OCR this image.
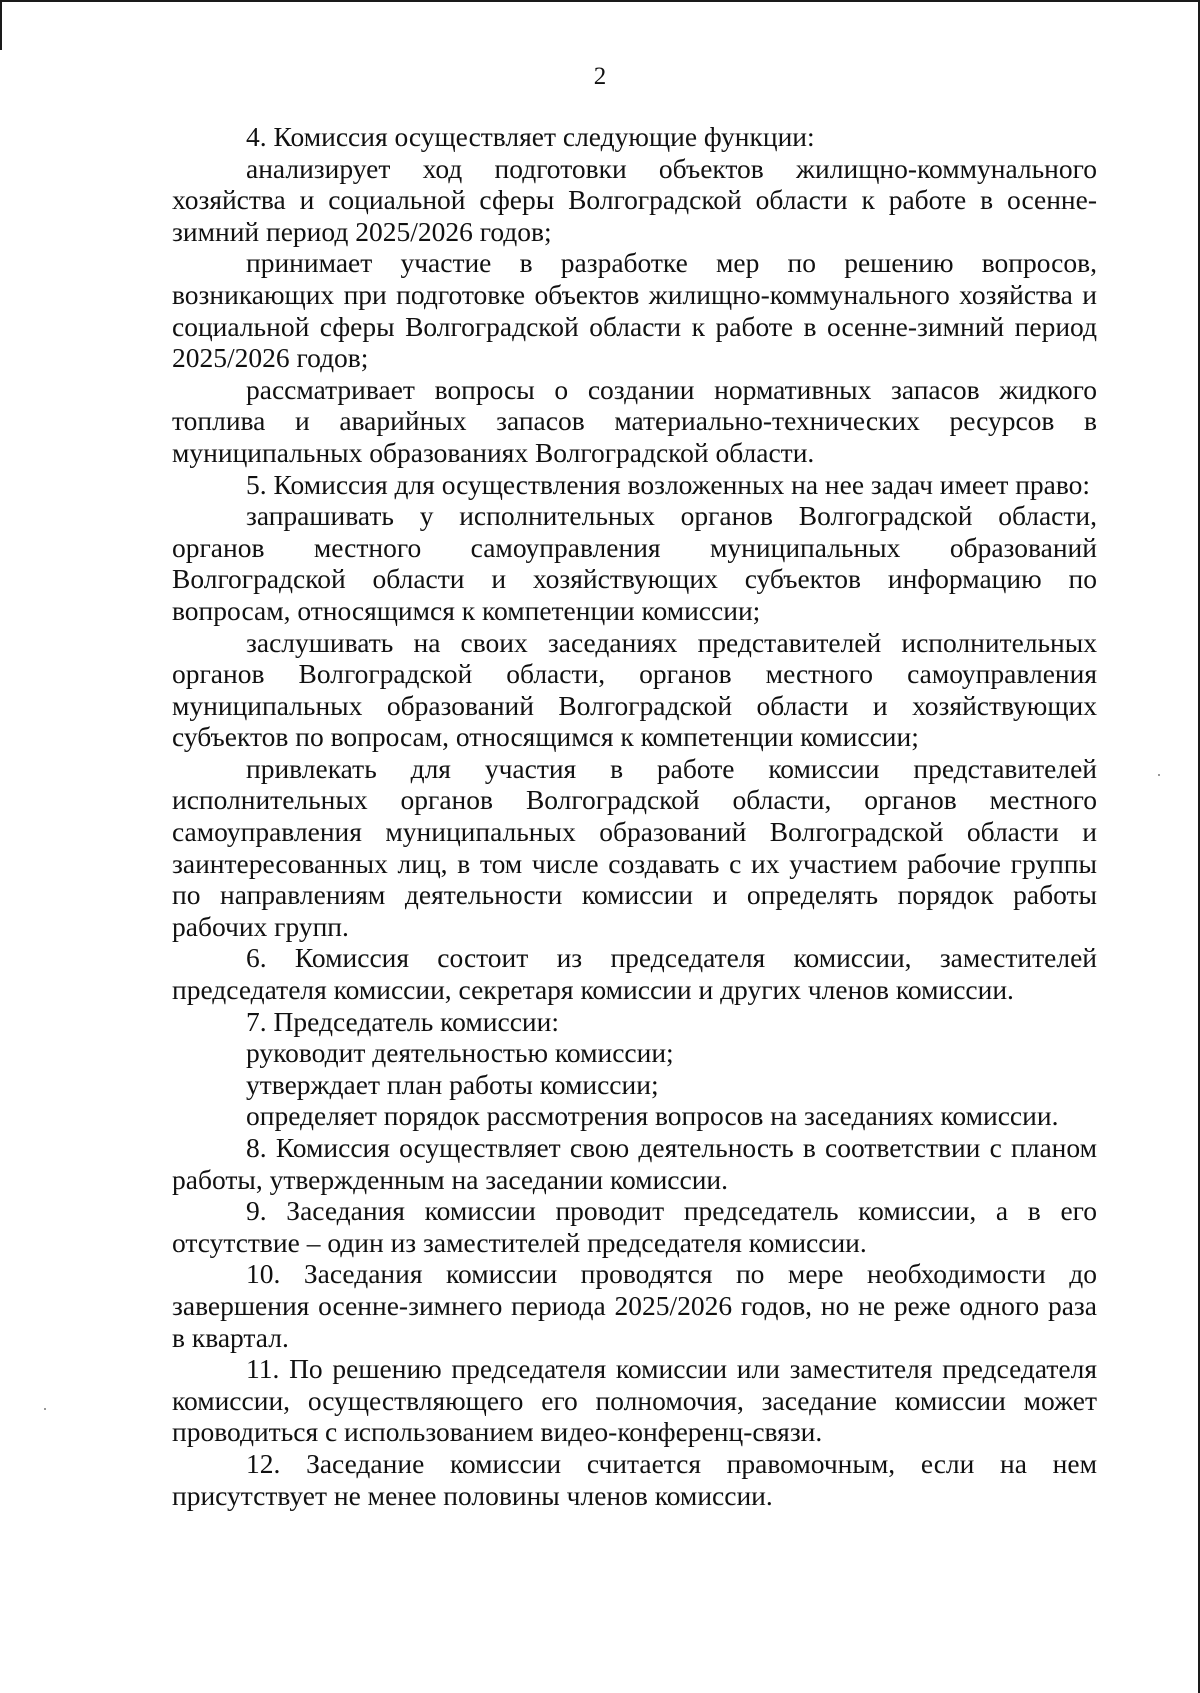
2

4. Комиссия осуществляет следующие функции:

анализирует ход подготовки объектов жилищно-коммунального хозяйства и социальной сферы Волгоградской области к работе в осенне-зимний период 2025/2026 годов;

принимает участие в разработке мер по решению вопросов, возникающих при подготовке объектов жилищно-коммунального хозяйства и социальной сферы Волгоградской области к работе в осенне-зимний период 2025/2026 годов;

рассматривает вопросы о создании нормативных запасов жидкого топлива и аварийных запасов материально-технических ресурсов в муниципальных образованиях Волгоградской области.

5. Комиссия для осуществления возложенных на нее задач имеет право:

запрашивать у исполнительных органов Волгоградской области, органов местного самоуправления муниципальных образований Волгоградской области и хозяйствующих субъектов информацию по вопросам, относящимся к компетенции комиссии;

заслушивать на своих заседаниях представителей исполнительных органов Волгоградской области, органов местного самоуправления муниципальных образований Волгоградской области и хозяйствующих субъектов по вопросам, относящимся к компетенции комиссии;

привлекать для участия в работе комиссии представителей исполнительных органов Волгоградской области, органов местного самоуправления муниципальных образований Волгоградской области и заинтересованных лиц, в том числе создавать с их участием рабочие группы по направлениям деятельности комиссии и определять порядок работы рабочих групп.

6. Комиссия состоит из председателя комиссии, заместителей председателя комиссии, секретаря комиссии и других членов комиссии.

7. Председатель комиссии:

руководит деятельностью комиссии;

утверждает план работы комиссии;

определяет порядок рассмотрения вопросов на заседаниях комиссии.

8. Комиссия осуществляет свою деятельность в соответствии с планом работы, утвержденным на заседании комиссии.

9. Заседания комиссии проводит председатель комиссии, а в его отсутствие – один из заместителей председателя комиссии.

10. Заседания комиссии проводятся по мере необходимости до завершения осенне-зимнего периода 2025/2026 годов, но не реже одного раза в квартал.

11. По решению председателя комиссии или заместителя председателя комиссии, осуществляющего его полномочия, заседание комиссии может проводиться с использованием видео-конференц-связи.

12. Заседание комиссии считается правомочным, если на нем присутствует не менее половины членов комиссии.
